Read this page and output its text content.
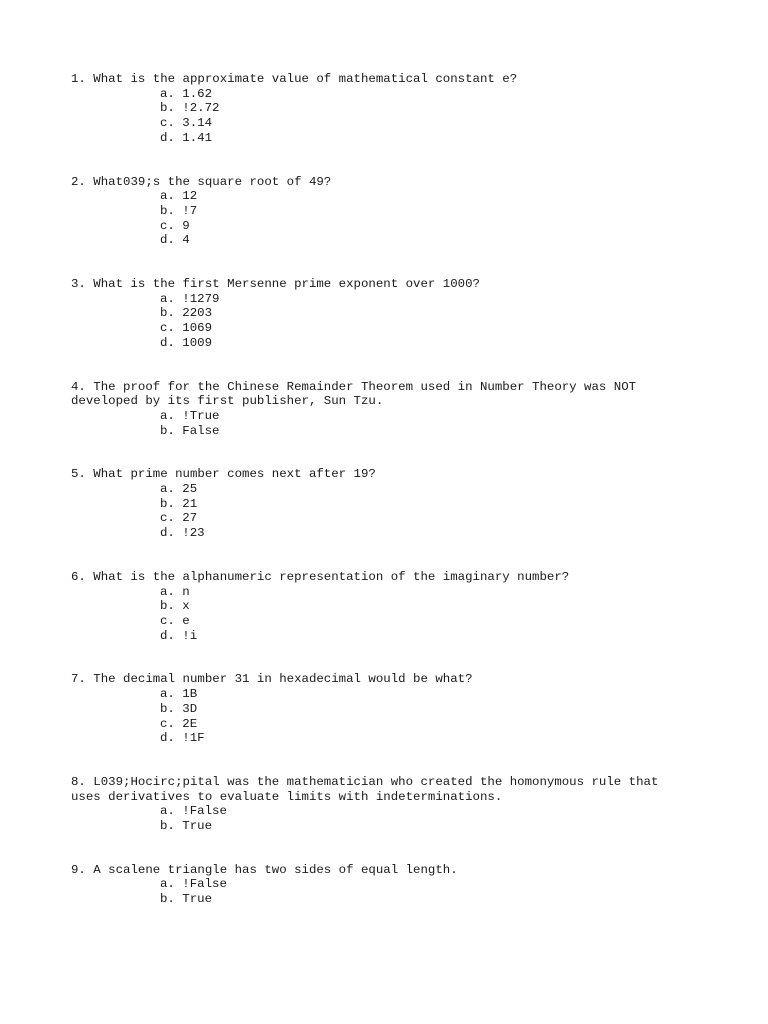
1. What is the approximate value of mathematical constant e?

a. 1.62
b. !2.72
c. 3.14
d. 1.41

2. What039;s the square root of 49?

a. 12
b. !7
c. 9
d. 4

3. What is the first Mersenne prime exponent over 1000?

a. !1279
b. 2203
c. 1069
d. 1009

4. The proof for the Chinese Remainder Theorem used in Number Theory was NOT developed by its first publisher, Sun Tzu.

a. !True
b. False

5. What prime number comes next after 19?

a. 25
b. 21
c. 27
d. !23

6. What is the alphanumeric representation of the imaginary number?

a. n
b. x
c. e
d. !i

7. The decimal number 31 in hexadecimal would be what?

a. 1B
b. 3D
c. 2E
d. !1F

8. L039;Hocirc;pital was the mathematician who created the homonymous rule that uses derivatives to evaluate limits with indeterminations.

a. !False
b. True

9. A scalene triangle has two sides of equal length.

a. !False
b. True
